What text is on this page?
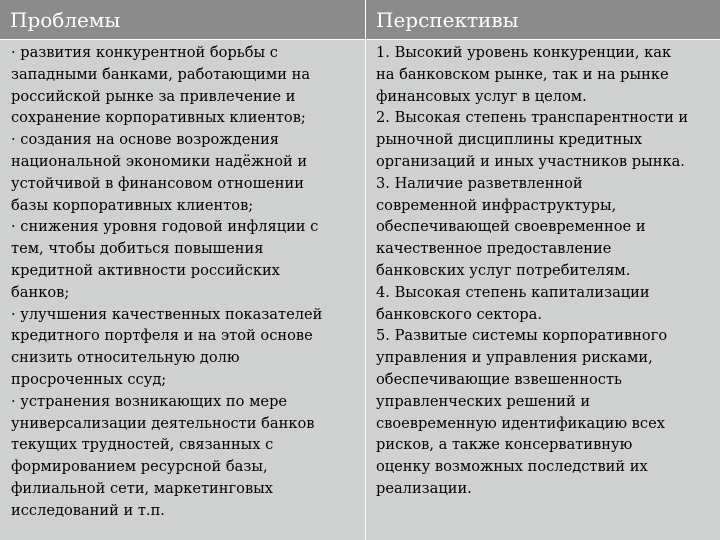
Проблемы	Перспективы
· развития конкурентной борьбы с
западными банками, работающими на
российской рынке за привлечение и
сохранение корпоративных клиентов;
· создания на основе возрождения
национальной экономики надёжной и
устойчивой в финансовом отношении
базы корпоративных клиентов;
· снижения уровня годовой инфляции с
тем, чтобы добиться повышения
кредитной активности российских
банков;
· улучшения качественных показателей
кредитного портфеля и на этой основе
снизить относительную долю
просроченных ссуд;
· устранения возникающих по мере
универсализации деятельности банков
текущих трудностей, связанных с
формированием ресурсной базы,
филиальной сети, маркетинговых
исследований и т.п.
1. Высокий уровень конкуренции, как
на банковском рынке, так и на рынке
финансовых услуг в целом.
2. Высокая степень транспарентности и
рыночной дисциплины кредитных
организаций и иных участников рынка.
3. Наличие разветвленной
современной инфраструктуры,
обеспечивающей своевременное и
качественное предоставление
банковских услуг потребителям.
4. Высокая степень капитализации
банковского сектора.
5. Развитые системы корпоративного
управления и управления рисками,
обеспечивающие взвешенность
управленческих решений и
своевременную идентификацию всех
рисков, а также консервативную
оценку возможных последствий их
реализации.
